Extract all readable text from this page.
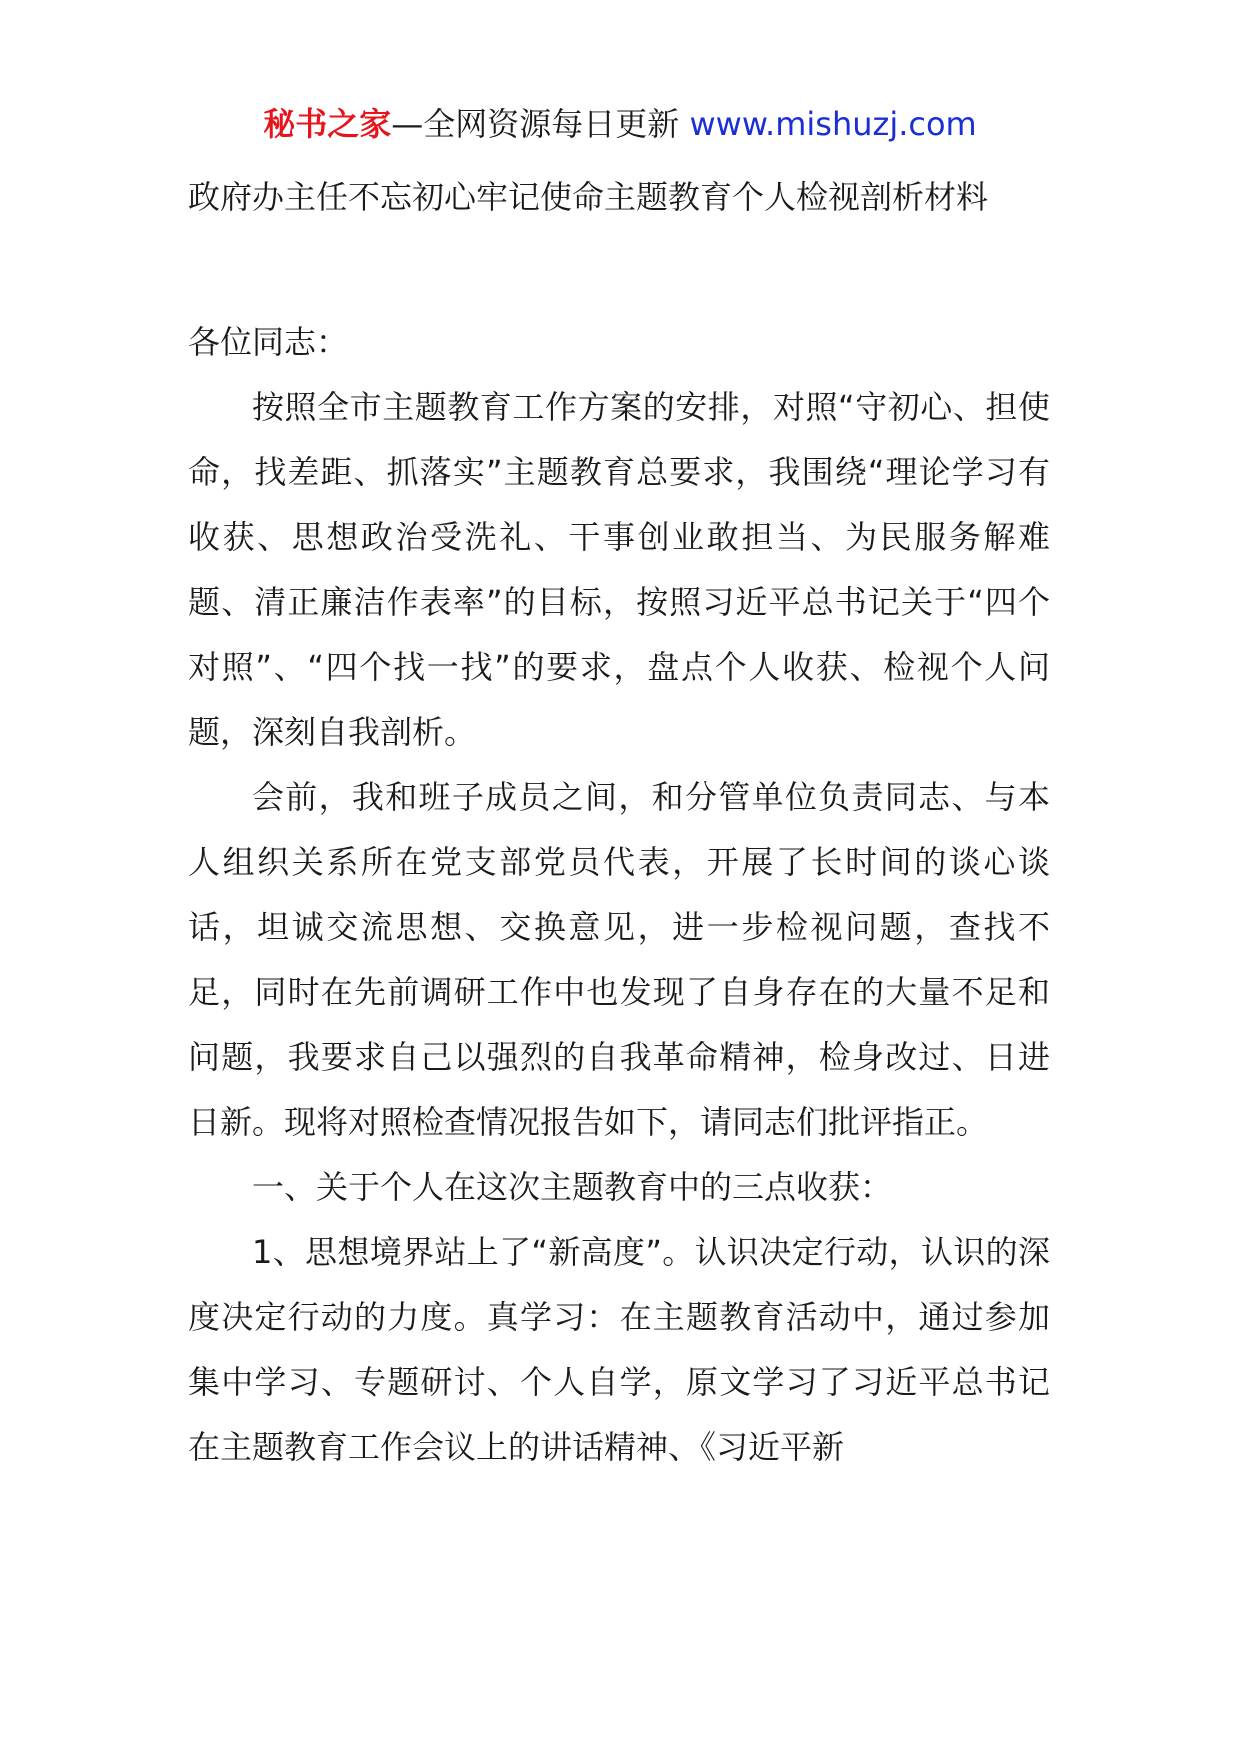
秘书之家—全网资源每日更新 www.mishuzj.com
政府办主任不忘初心牢记使命主题教育个人检视剖析材料

各位同志：

按照全市主题教育工作方案的安排，对照“守初心、担使命，找差距、抓落实”主题教育总要求，我围绕“理论学习有收获、思想政治受洗礼、干事创业敢担当、为民服务解难题、清正廉洁作表率”的目标，按照习近平总书记关于“四个对照”、“四个找一找”的要求，盘点个人收获、检视个人问题，深刻自我剖析。

会前，我和班子成员之间，和分管单位负责同志、与本人组织关系所在党支部党员代表，开展了长时间的谈心谈话，坦诚交流思想、交换意见，进一步检视问题，查找不足，同时在先前调研工作中也发现了自身存在的大量不足和问题，我要求自己以强烈的自我革命精神，检身改过、日进日新。现将对照检查情况报告如下，请同志们批评指正。

一、关于个人在这次主题教育中的三点收获：

1、思想境界站上了“新高度”。认识决定行动，认识的深度决定行动的力度。真学习：在主题教育活动中，通过参加集中学习、专题研讨、个人自学，原文学习了习近平总书记在主题教育工作会议上的讲话精神、《习近平新
